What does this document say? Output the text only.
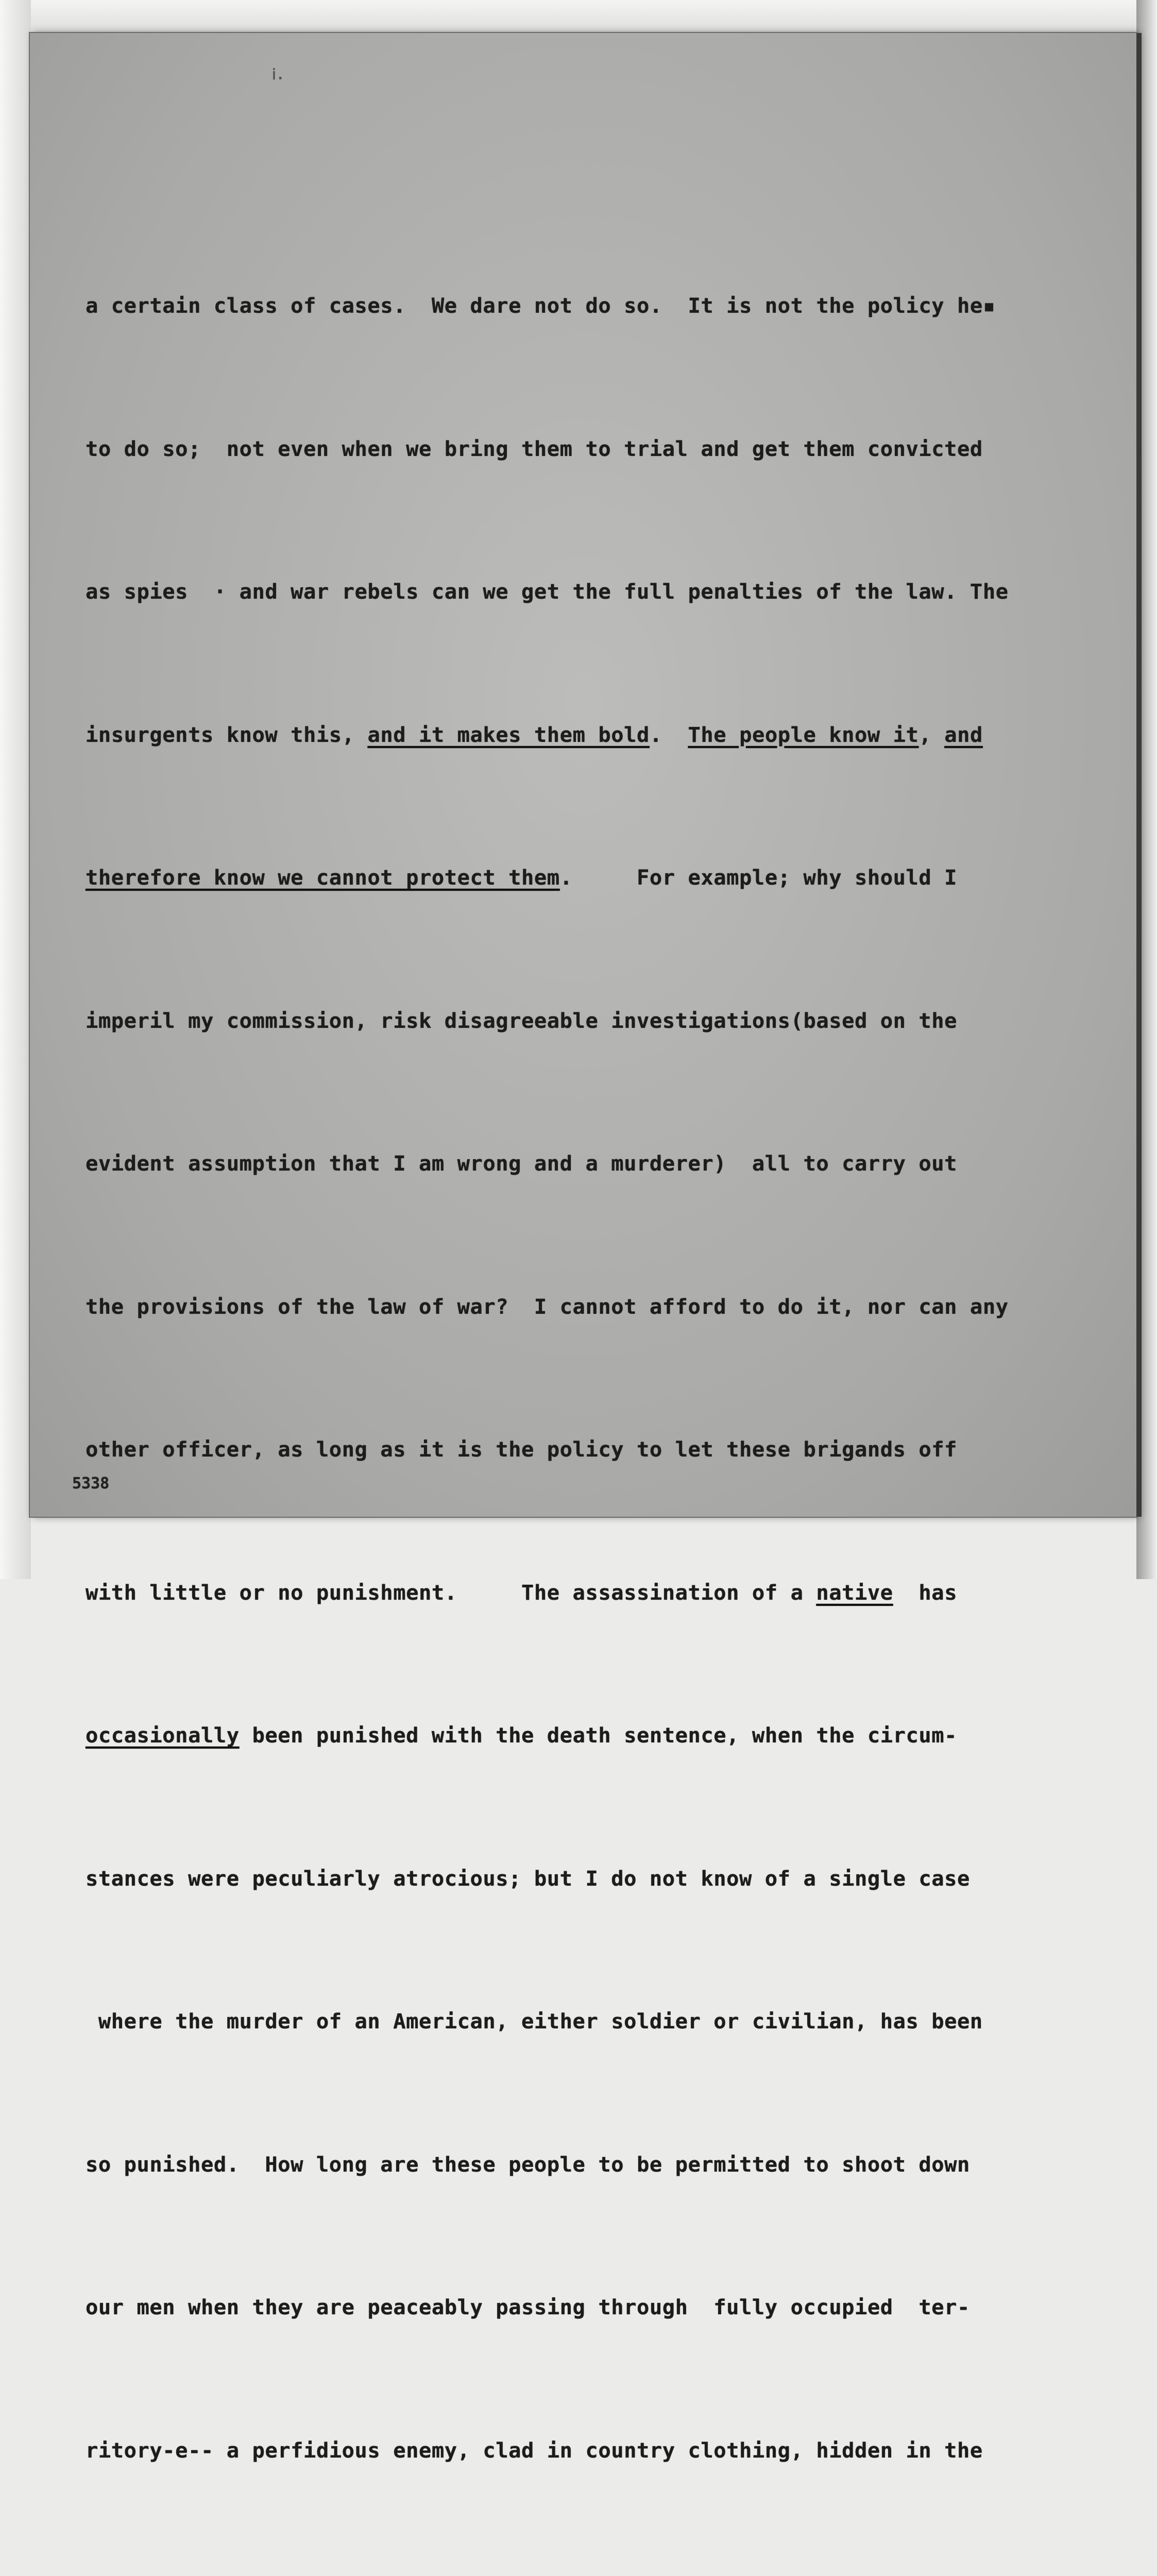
ⅰ.

a certain class of cases.  We dare not do so.  It is not the policy he▪

to do so;  not even when we bring them to trial and get them convicted

as spies  · and war rebels can we get the full penalties of the law. The

insurgents know this, and it makes them bold.  The people know it, and

therefore know we cannot protect them.     For example; why should I

imperil my commission, risk disagreeable investigations(based on the

evident assumption that I am wrong and a murderer)  all to carry out

the provisions of the law of war?  I cannot afford to do it, nor can any

other officer, as long as it is the policy to let these brigands off

with little or no punishment.     The assassination of a native  has

occasionally been punished with the death sentence, when the circum-

stances were peculiarly atrocious; but I do not know of a single case

where the murder of an American, either soldier or civilian, has been

so punished.  How long are these people to be permitted to shoot down

our men when they are peaceably passing through  fully occupied  ter-

ritory-e-- a perfidious enemy, clad in country clothing, hidden in the

5338
